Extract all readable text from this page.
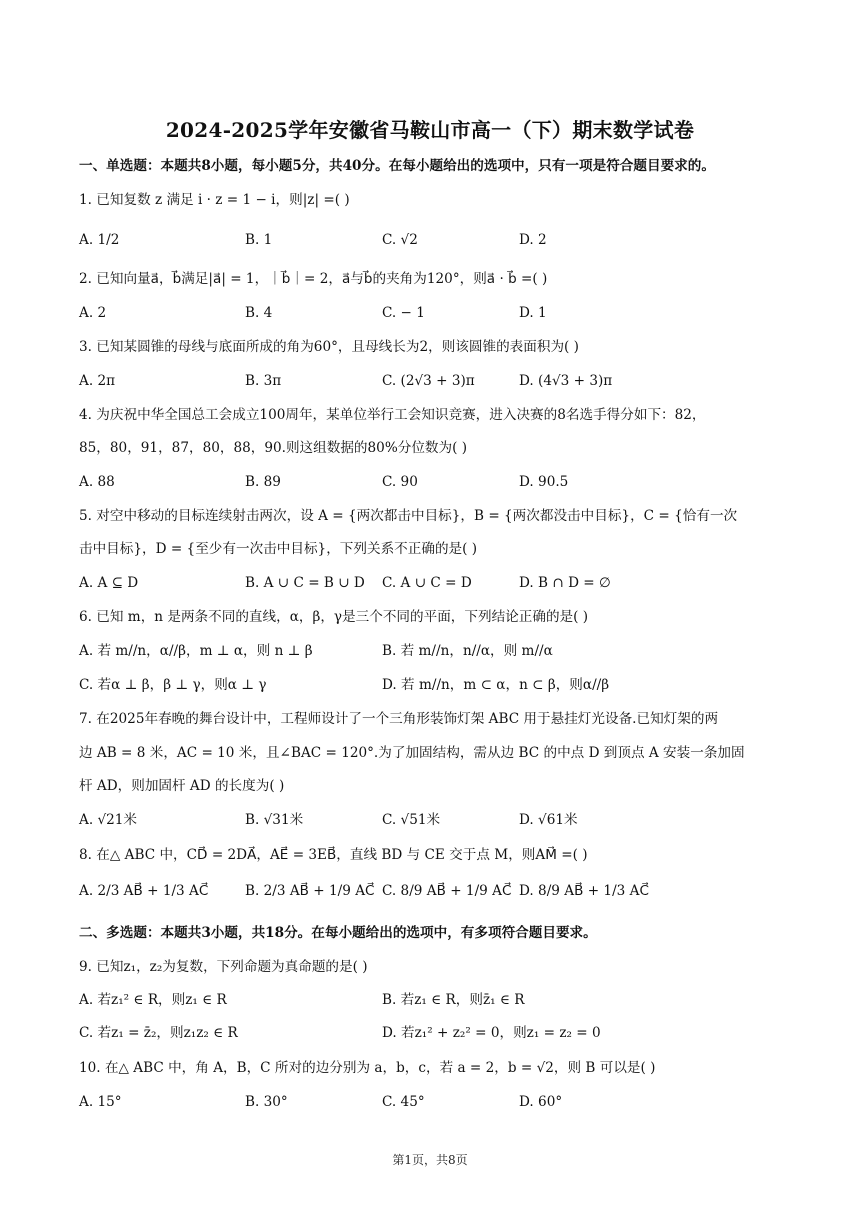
2024-2025学年安徽省马鞍山市高一（下）期末数学试卷
一、单选题：本题共8小题，每小题5分，共40分。在每小题给出的选项中，只有一项是符合题目要求的。
1. 已知复数 z 满足 i · z = 1 − i，则|z| =( )
A. 1/2	B. 1	C. √2	D. 2
2. 已知向量a⃗，b⃗满足|a⃗| = 1，｜b⃗｜= 2，a⃗与b⃗的夹角为120°，则a⃗ · b⃗ =( )
A. 2	B. 4	C. − 1	D. 1
3. 已知某圆锥的母线与底面所成的角为60°，且母线长为2，则该圆锥的表面积为( )
A. 2π	B. 3π	C. (2√3 + 3)π	D. (4√3 + 3)π
4. 为庆祝中华全国总工会成立100周年，某单位举行工会知识竞赛，进入决赛的8名选手得分如下：82，
85，80，91，87，80，88，90.则这组数据的80%分位数为( )
A. 88	B. 89	C. 90	D. 90.5
5. 对空中移动的目标连续射击两次，设 A = {两次都击中目标}，B = {两次都没击中目标}，C = {恰有一次
击中目标}，D = {至少有一次击中目标}，下列关系不正确的是( )
A. A ⊆ D	B. A ∪ C = B ∪ D C. A ∪ C = D	D. B ∩ D = ∅
6. 已知 m，n 是两条不同的直线，α，β，γ是三个不同的平面，下列结论正确的是( )
A. 若 m//n，α//β，m ⊥ α，则 n ⊥ β	B. 若 m//n，n//α，则 m//α
C. 若α ⊥ β，β ⊥ γ，则α ⊥ γ	D. 若 m//n，m ⊂ α，n ⊂ β，则α//β
7. 在2025年春晚的舞台设计中，工程师设计了一个三角形装饰灯架 ABC 用于悬挂灯光设备.已知灯架的两
边 AB = 8 米，AC = 10 米，且∠BAC = 120°.为了加固结构，需从边 BC 的中点 D 到顶点 A 安装一条加固
杆 AD，则加固杆 AD 的长度为( )
A. √21米	B. √31米	C. √51米	D. √61米
8. 在△ ABC 中，CD⃗ = 2DA⃗，AE⃗ = 3EB⃗，直线 BD 与 CE 交于点 M，则AM⃗ =( )
A. 2/3 AB⃗ + 1/3 AC⃗	B. 2/3 AB⃗ + 1/9 AC⃗ C. 8/9 AB⃗ + 1/9 AC⃗ D. 8/9 AB⃗ + 1/3 AC⃗
二、多选题：本题共3小题，共18分。在每小题给出的选项中，有多项符合题目要求。
9. 已知z₁，z₂为复数，下列命题为真命题的是( )
A. 若z₁² ∈ R，则z₁ ∈ R	B. 若z₁ ∈ R，则z̄₁ ∈ R
C. 若z₁ = z̄₂，则z₁z₂ ∈ R	D. 若z₁² + z₂² = 0，则z₁ = z₂ = 0
10. 在△ ABC 中，角 A，B，C 所对的边分别为 a，b，c，若 a = 2，b = √2，则 B 可以是( )
A. 15°	B. 30°	C. 45°	D. 60°
第1页，共8页
